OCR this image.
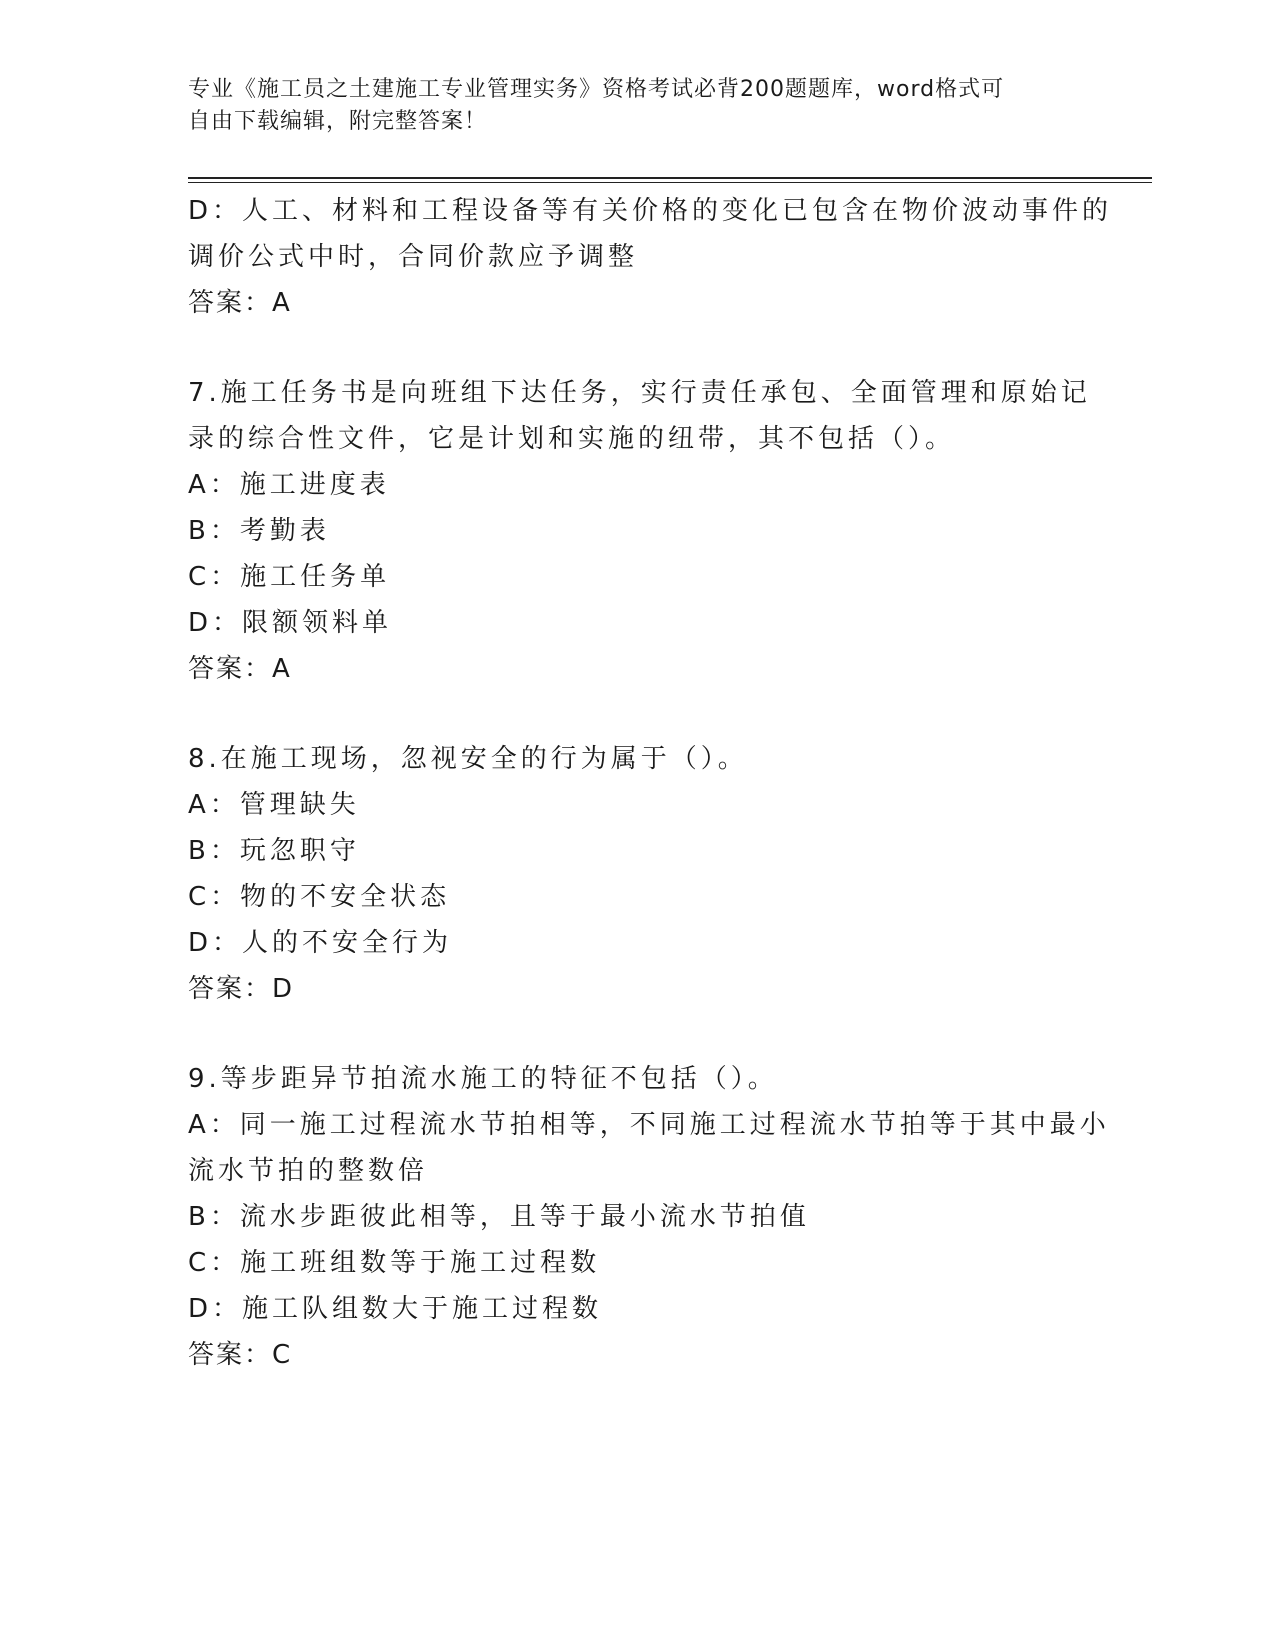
专业《施工员之土建施工专业管理实务》资格考试必背200题题库，word格式可
自由下载编辑，附完整答案！

D：人工、材料和工程设备等有关价格的变化已包含在物价波动事件的

调价公式中时，合同价款应予调整

答案：A

7.施工任务书是向班组下达任务，实行责任承包、全面管理和原始记

录的综合性文件，它是计划和实施的纽带，其不包括（）。

A：施工进度表

B：考勤表

C：施工任务单

D：限额领料单

答案：A

8.在施工现场，忽视安全的行为属于（）。

A：管理缺失

B：玩忽职守

C：物的不安全状态

D：人的不安全行为

答案：D

9.等步距异节拍流水施工的特征不包括（）。

A：同一施工过程流水节拍相等，不同施工过程流水节拍等于其中最小

流水节拍的整数倍

B：流水步距彼此相等，且等于最小流水节拍值

C：施工班组数等于施工过程数

D：施工队组数大于施工过程数

答案：C
